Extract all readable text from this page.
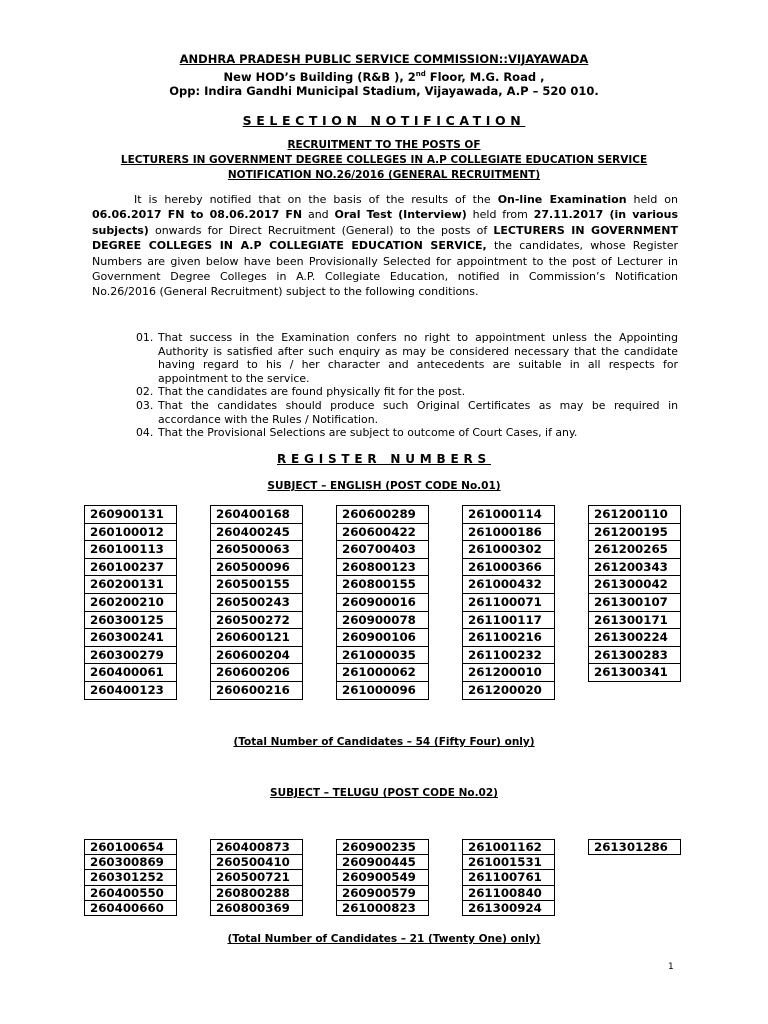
ANDHRA PRADESH PUBLIC SERVICE COMMISSION::VIJAYAWADA
New HOD’s Building (R&B ), 2nd Floor, M.G. Road ,
Opp: Indira Gandhi Municipal Stadium, Vijayawada, A.P – 520 010.
SELECTION NOTIFICATION
RECRUITMENT TO THE POSTS OF
LECTURERS IN GOVERNMENT DEGREE COLLEGES IN A.P COLLEGIATE EDUCATION SERVICE
NOTIFICATION NO.26/2016 (GENERAL RECRUITMENT)
It is hereby notified that on the basis of the results of the On-line Examination held on 06.06.2017 FN to 08.06.2017 FN and Oral Test (Interview) held from 27.11.2017 (in various subjects) onwards for Direct Recruitment (General) to the posts of LECTURERS IN GOVERNMENT DEGREE COLLEGES IN A.P COLLEGIATE EDUCATION SERVICE, the candidates, whose Register Numbers are given below have been Provisionally Selected for appointment to the post of Lecturer in Government Degree Colleges in A.P. Collegiate Education, notified in Commission’s Notification No.26/2016 (General Recruitment) subject to the following conditions.
01. That success in the Examination confers no right to appointment unless the Appointing Authority is satisfied after such enquiry as may be considered necessary that the candidate having regard to his / her character and antecedents are suitable in all respects for appointment to the service.
02. That the candidates are found physically fit for the post.
03. That the candidates should produce such Original Certificates as may be required in accordance with the Rules / Notification.
04. That the Provisional Selections are subject to outcome of Court Cases, if any.
REGISTER NUMBERS
SUBJECT – ENGLISH (POST CODE No.01)
260900131
260100012
260100113
260100237
260200131
260200210
260300125
260300241
260300279
260400061
260400123
260400168
260400245
260500063
260500096
260500155
260500243
260500272
260600121
260600204
260600206
260600216
260600289
260600422
260700403
260800123
260800155
260900016
260900078
260900106
261000035
261000062
261000096
261000114
261000186
261000302
261000366
261000432
261100071
261100117
261100216
261100232
261200010
261200020
261200110
261200195
261200265
261200343
261300042
261300107
261300171
261300224
261300283
261300341
(Total Number of Candidates – 54 (Fifty Four) only)
SUBJECT – TELUGU (POST CODE No.02)
260100654
260300869
260301252
260400550
260400660
260400873
260500410
260500721
260800288
260800369
260900235
260900445
260900549
260900579
261000823
261001162
261001531
261100761
261100840
261300924
261301286
(Total Number of Candidates – 21 (Twenty One) only)
1
